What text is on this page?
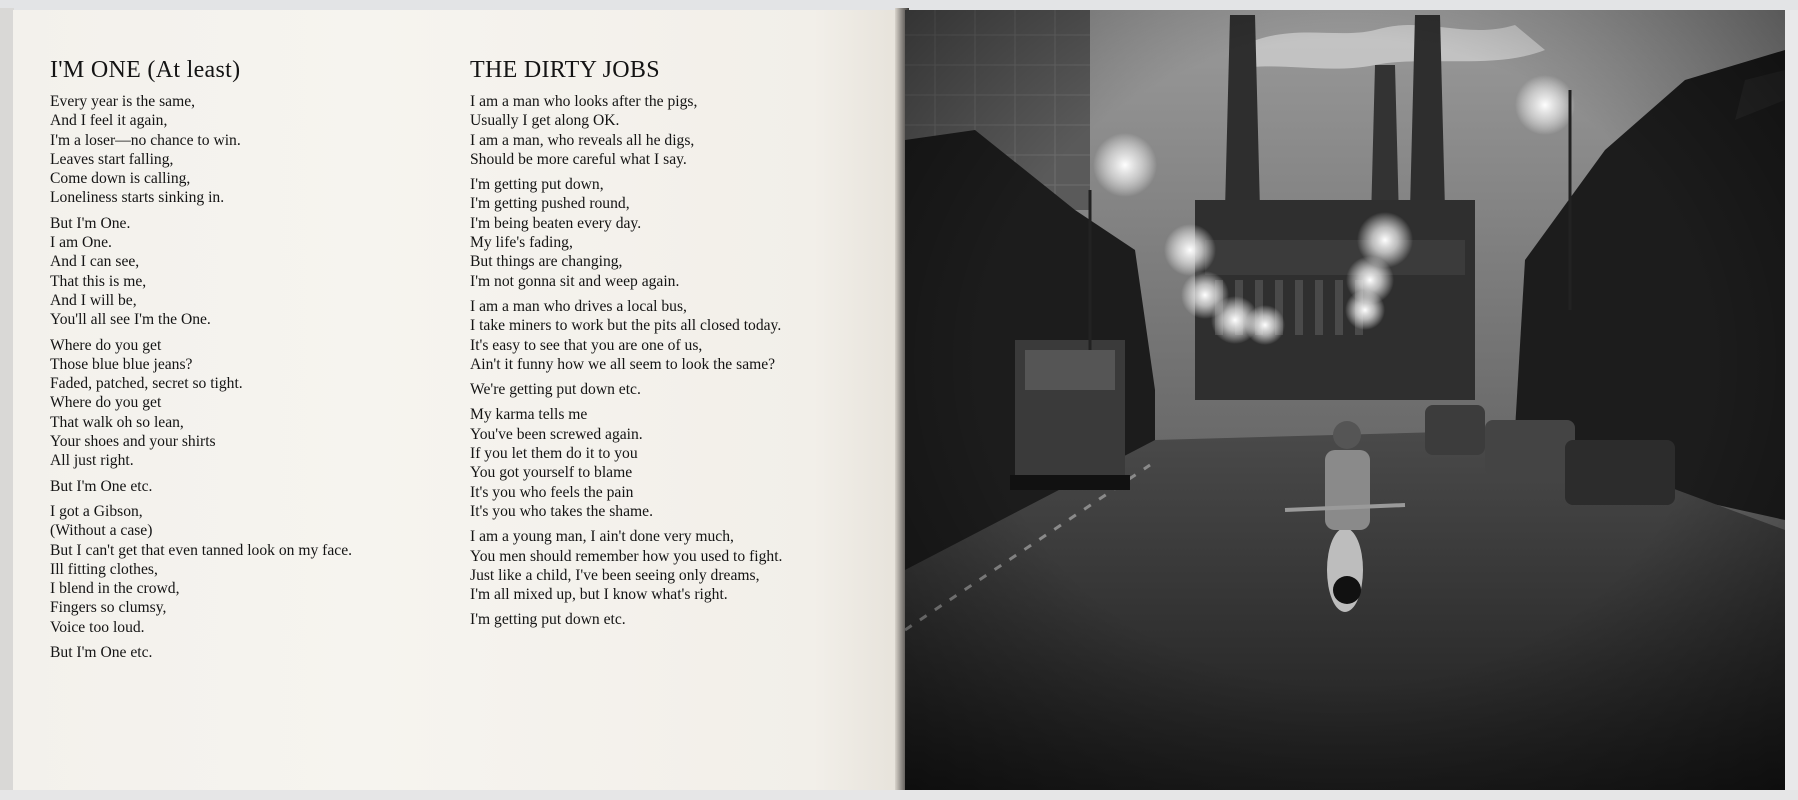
I'M ONE (At least)
Every year is the same,
And I feel it again,
I'm a loser—no chance to win.
Leaves start falling,
Come down is calling,
Loneliness starts sinking in.
But I'm One.
I am One.
And I can see,
That this is me,
And I will be,
You'll all see I'm the One.
Where do you get
Those blue blue jeans?
Faded, patched, secret so tight.
Where do you get
That walk oh so lean,
Your shoes and your shirts
All just right.
But I'm One etc.
I got a Gibson,
(Without a case)
But I can't get that even tanned look on my face.
Ill fitting clothes,
I blend in the crowd,
Fingers so clumsy,
Voice too loud.
But I'm One etc.
THE DIRTY JOBS
I am a man who looks after the pigs,
Usually I get along OK.
I am a man, who reveals all he digs,
Should be more careful what I say.
I'm getting put down,
I'm getting pushed round,
I'm being beaten every day.
My life's fading,
But things are changing,
I'm not gonna sit and weep again.
I am a man who drives a local bus,
I take miners to work but the pits all closed today.
It's easy to see that you are one of us,
Ain't it funny how we all seem to look the same?
We're getting put down etc.
My karma tells me
You've been screwed again.
If you let them do it to you
You got yourself to blame
It's you who feels the pain
It's you who takes the shame.
I am a young man, I ain't done very much,
You men should remember how you used to fight.
Just like a child, I've been seeing only dreams,
I'm all mixed up, but I know what's right.
I'm getting put down etc.
